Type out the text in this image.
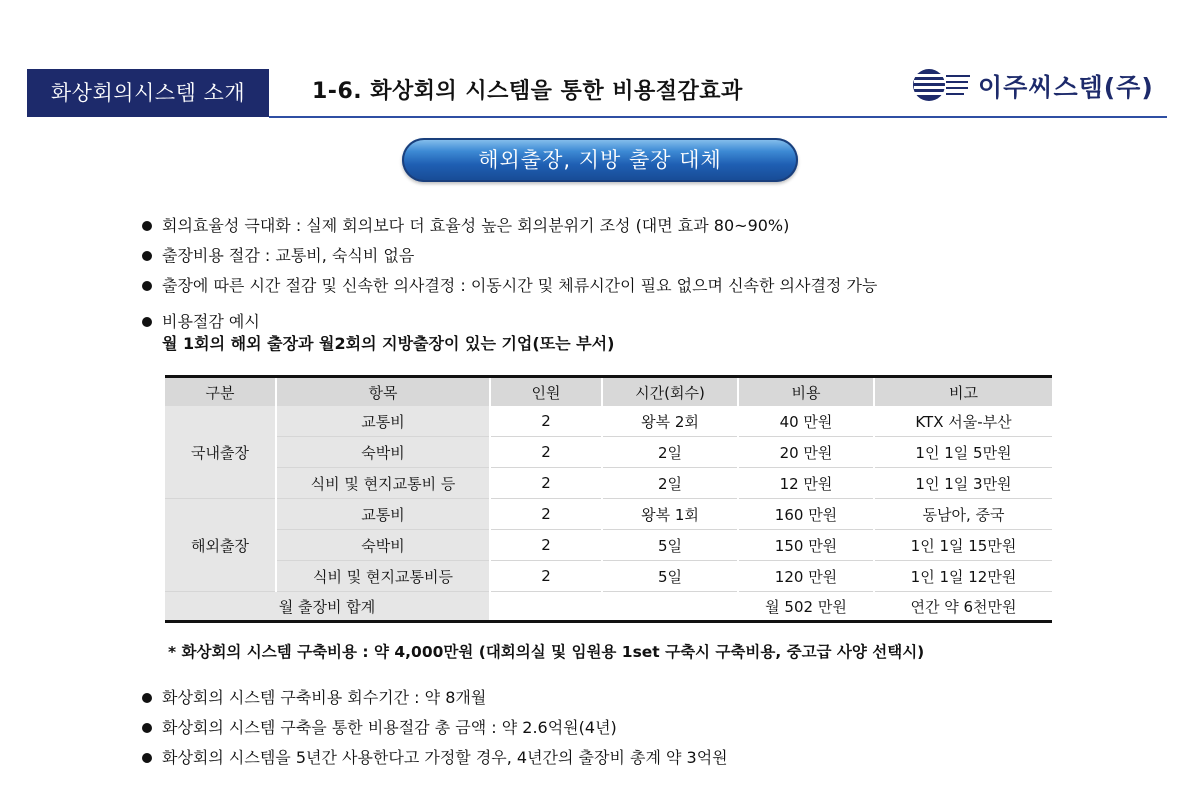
화상회의시스템 소개	1-6. 화상회의 시스템을 통한 비용절감효과	이주씨스템(주)
해외출장, 지방 출장 대체
회의효율성 극대화 : 실제 회의보다 더 효율성 높은 회의분위기 조성 (대면 효과 80~90%)
출장비용 절감 : 교통비, 숙식비 없음
출장에 따른 시간 절감 및 신속한 의사결정 : 이동시간 및 체류시간이 필요 없으며 신속한 의사결정 가능
비용절감 예시
월 1회의 해외 출장과 월2회의 지방출장이 있는 기업(또는 부서)
구분	항목	인원	시간(회수)	비용	비고
국내출장	교통비	2	왕복 2회	40 만원	KTX 서울-부산
	숙박비	2	2일	20 만원	1인 1일 5만원
	식비 및 현지교통비 등	2	2일	12 만원	1인 1일 3만원
해외출장	교통비	2	왕복 1회	160 만원	동남아, 중국
	숙박비	2	5일	150 만원	1인 1일 15만원
	식비 및 현지교통비등	2	5일	120 만원	1인 1일 12만원
월 출장비 합계				월 502 만원	연간 약 6천만원
* 화상회의 시스템 구축비용 : 약 4,000만원 (대회의실 및 임원용 1set 구축시 구축비용, 중고급 사양 선택시)
화상회의 시스템 구축비용 회수기간 : 약 8개월
화상회의 시스템 구축을 통한 비용절감 총 금액 : 약 2.6억원(4년)
화상회의 시스템을 5년간 사용한다고 가정할 경우, 4년간의 출장비 총계 약 3억원
